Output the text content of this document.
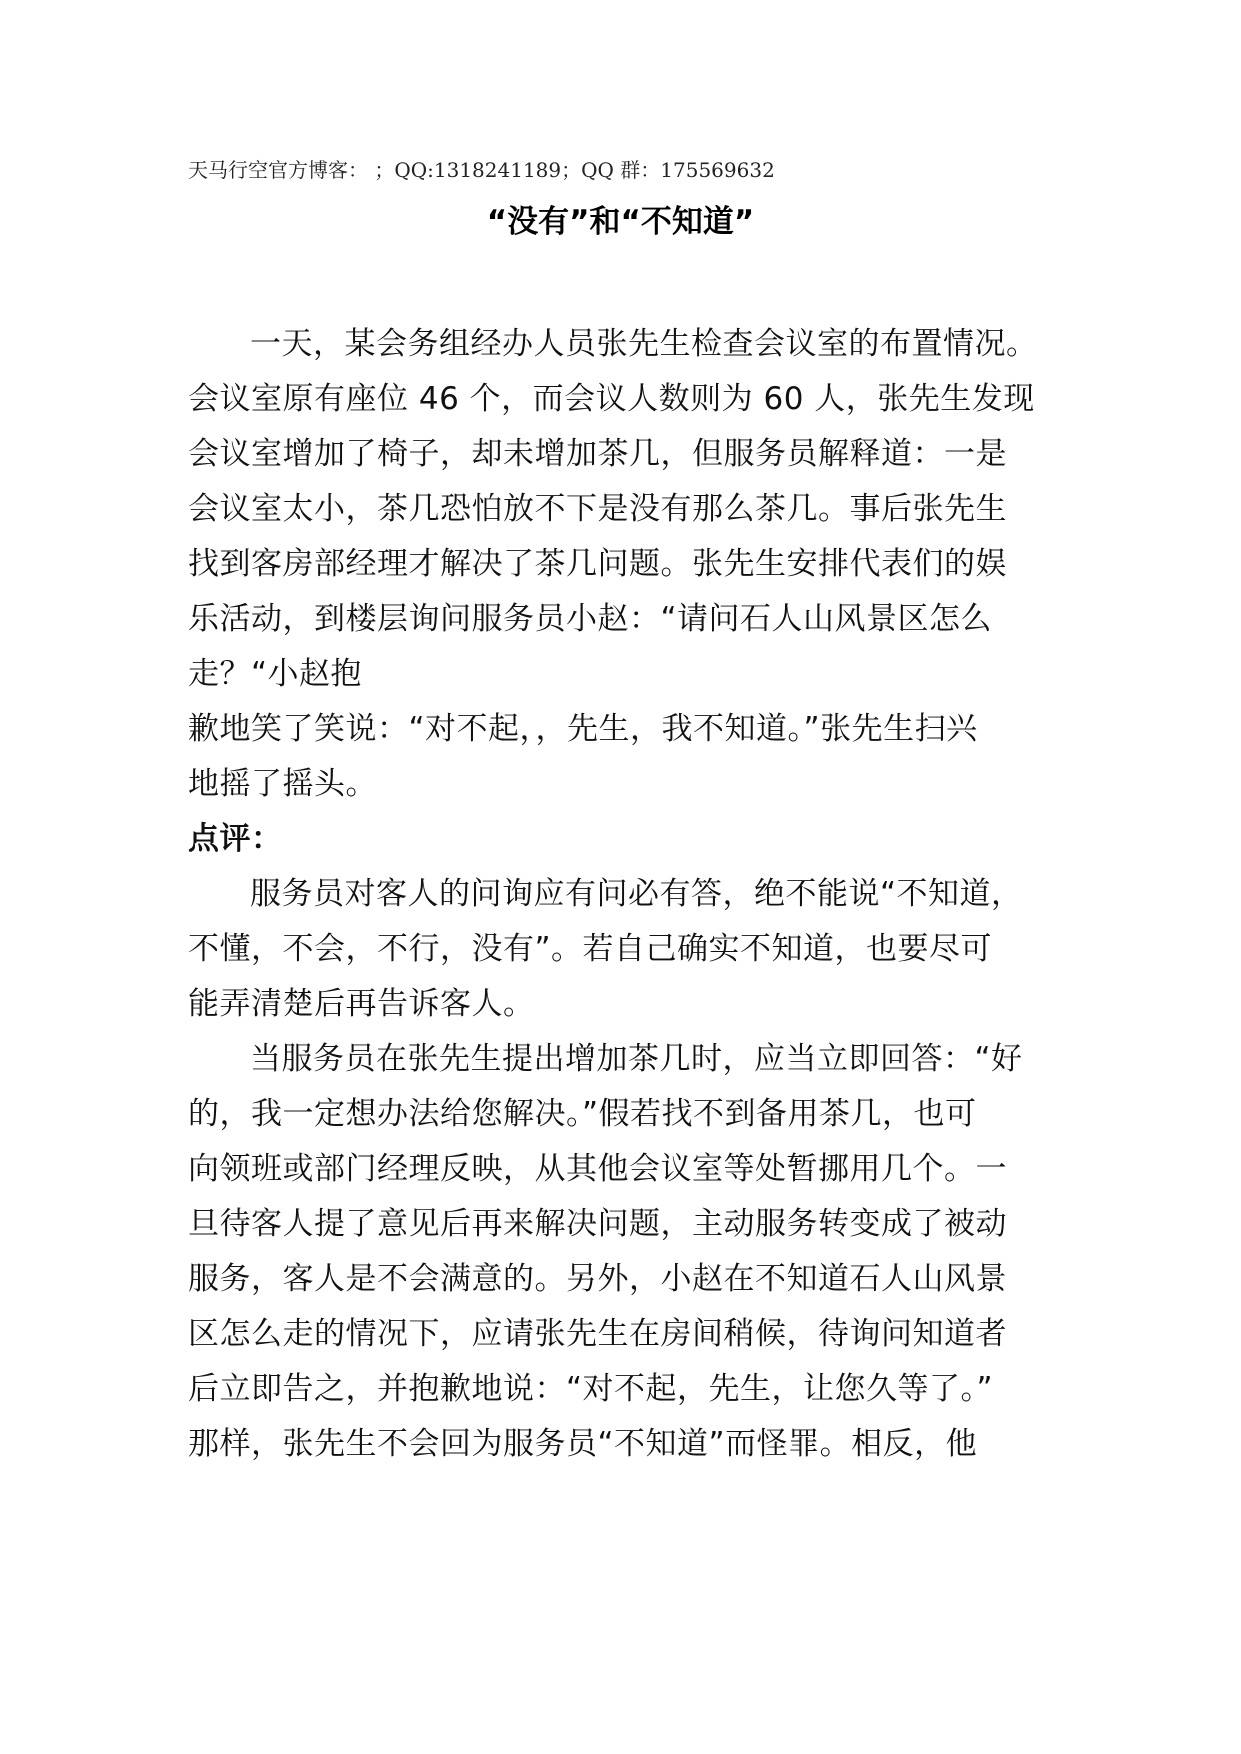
天马行空官方博客： ；QQ:1318241189；QQ 群：175569632
“没有”和“不知道”
一天，某会务组经办人员张先生检查会议室的布置情况。
会议室原有座位 46 个，而会议人数则为 60 人，张先生发现
会议室增加了椅子，却未增加茶几，但服务员解释道：一是
会议室太小，茶几恐怕放不下是没有那么茶几。事后张先生
找到客房部经理才解决了茶几问题。张先生安排代表们的娱
乐活动，到楼层询问服务员小赵：“请问石人山风景区怎么
走？“小赵抱
歉地笑了笑说：“对不起，，先生，我不知道。”张先生扫兴
地摇了摇头。
点评：
服务员对客人的问询应有问必有答，绝不能说“不知道，
不懂，不会，不行，没有”。若自己确实不知道，也要尽可
能弄清楚后再告诉客人。
当服务员在张先生提出增加茶几时，应当立即回答：“好
的，我一定想办法给您解决。”假若找不到备用茶几，也可
向领班或部门经理反映，从其他会议室等处暂挪用几个。一
旦待客人提了意见后再来解决问题，主动服务转变成了被动
服务，客人是不会满意的。另外，小赵在不知道石人山风景
区怎么走的情况下，应请张先生在房间稍候，待询问知道者
后立即告之，并抱歉地说：“对不起，先生，让您久等了。”
那样，张先生不会回为服务员“不知道”而怪罪。相反，他
